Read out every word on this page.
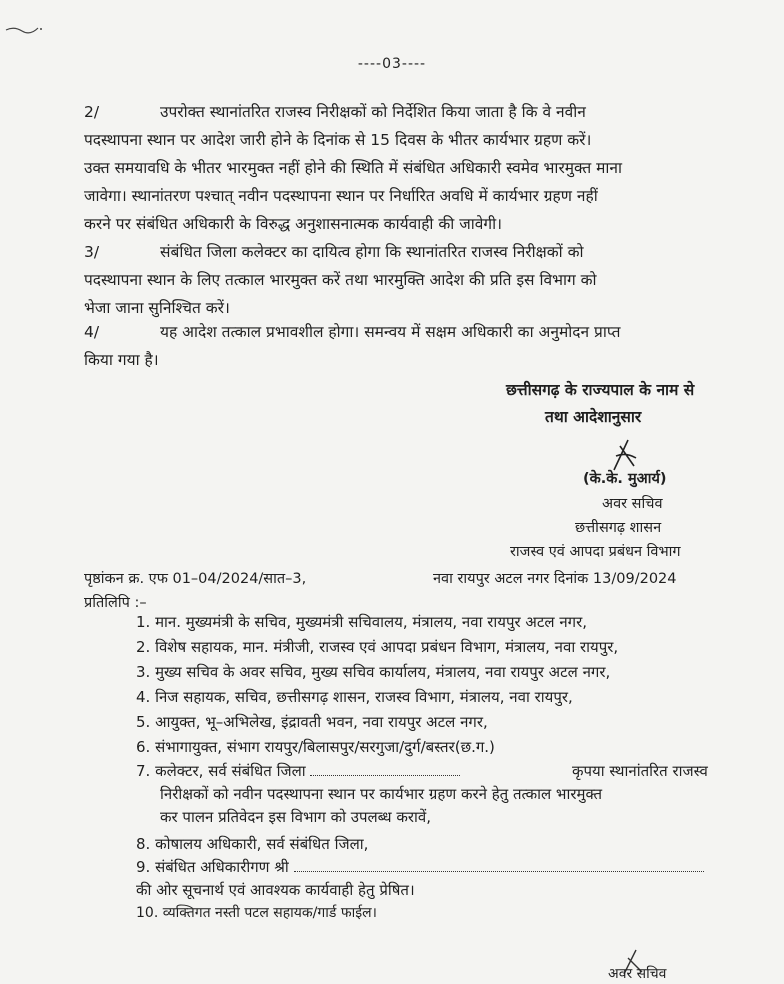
----03----
2/	उपरोक्त स्थानांतरित राजस्व निरीक्षकों को निर्देशित किया जाता है कि वे नवीन
पदस्थापना स्थान पर आदेश जारी होने के दिनांक से 15 दिवस के भीतर कार्यभार ग्रहण करें।
उक्त समयावधि के भीतर भारमुक्त नहीं होने की स्थिति में संबंधित अधिकारी स्वमेव भारमुक्त माना
जावेगा। स्थानांतरण पश्चात् नवीन पदस्थापना स्थान पर निर्धारित अवधि में कार्यभार ग्रहण नहीं
करने पर संबंधित अधिकारी के विरुद्ध अनुशासनात्मक कार्यवाही की जावेगी।
3/	संबंधित जिला कलेक्टर का दायित्व होगा कि स्थानांतरित राजस्व निरीक्षकों को
पदस्थापना स्थान के लिए तत्काल भारमुक्त करें तथा भारमुक्ति आदेश की प्रति इस विभाग को
भेजा जाना सुनिश्चित करें।
4/	यह आदेश तत्काल प्रभावशील होगा। समन्वय में सक्षम अधिकारी का अनुमोदन प्राप्त
किया गया है।
छत्तीसगढ़ के राज्यपाल के नाम से
तथा आदेशानुसार
(के.के. मुआर्य)
अवर सचिव
छत्तीसगढ़ शासन
राजस्व एवं आपदा प्रबंधन विभाग
पृष्ठांकन क्र. एफ 01–04/2024/सात–3,	नवा रायपुर अटल नगर दिनांक 13/09/2024
प्रतिलिपि :–
1. मान. मुख्यमंत्री के सचिव, मुख्यमंत्री सचिवालय, मंत्रालय, नवा रायपुर अटल नगर,
2. विशेष सहायक, मान. मंत्रीजी, राजस्व एवं आपदा प्रबंधन विभाग, मंत्रालय, नवा रायपुर,
3. मुख्य सचिव के अवर सचिव, मुख्य सचिव कार्यालय, मंत्रालय, नवा रायपुर अटल नगर,
4. निज सहायक, सचिव, छत्तीसगढ़ शासन, राजस्व विभाग, मंत्रालय, नवा रायपुर,
5. आयुक्त, भू–अभिलेख, इंद्रावती भवन, नवा रायपुर अटल नगर,
6. संभागायुक्त, संभाग रायपुर/बिलासपुर/सरगुजा/दुर्ग/बस्तर(छ.ग.)
7. कलेक्टर, सर्व संबंधित जिला	कृपया स्थानांतरित राजस्व
निरीक्षकों को नवीन पदस्थापना स्थान पर कार्यभार ग्रहण करने हेतु तत्काल भारमुक्त
कर पालन प्रतिवेदन इस विभाग को उपलब्ध करावें,
8. कोषालय अधिकारी, सर्व संबंधित जिला,
9. संबंधित अधिकारीगण श्री
की ओर सूचनार्थ एवं आवश्यक कार्यवाही हेतु प्रेषित।
10. व्यक्तिगत नस्ती पटल सहायक/गार्ड फाईल।
अवर सचिव
